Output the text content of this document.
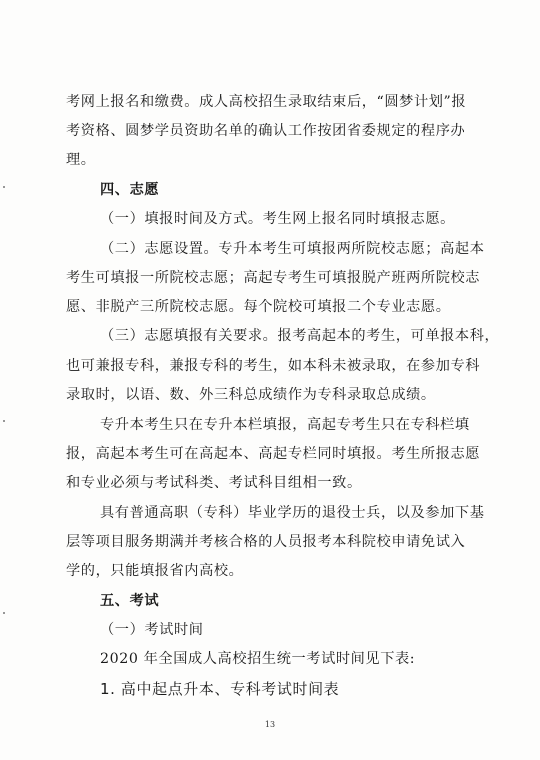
考网上报名和缴费。成人高校招生录取结束后，“圆梦计划”报
考资格、圆梦学员资助名单的确认工作按团省委规定的程序办
理。
四、志愿
（一）填报时间及方式。考生网上报名同时填报志愿。
（二）志愿设置。专升本考生可填报两所院校志愿；高起本
考生可填报一所院校志愿；高起专考生可填报脱产班两所院校志
愿、非脱产三所院校志愿。每个院校可填报二个专业志愿。
（三）志愿填报有关要求。报考高起本的考生，可单报本科，
也可兼报专科，兼报专科的考生，如本科未被录取，在参加专科
录取时，以语、数、外三科总成绩作为专科录取总成绩。
专升本考生只在专升本栏填报，高起专考生只在专科栏填
报，高起本考生可在高起本、高起专栏同时填报。考生所报志愿
和专业必须与考试科类、考试科目组相一致。
具有普通高职（专科）毕业学历的退役士兵，以及参加下基
层等项目服务期满并考核合格的人员报考本科院校申请免试入
学的，只能填报省内高校。
五、考试
（一）考试时间
2020 年全国成人高校招生统一考试时间见下表:
1. 高中起点升本、专科考试时间表
13
